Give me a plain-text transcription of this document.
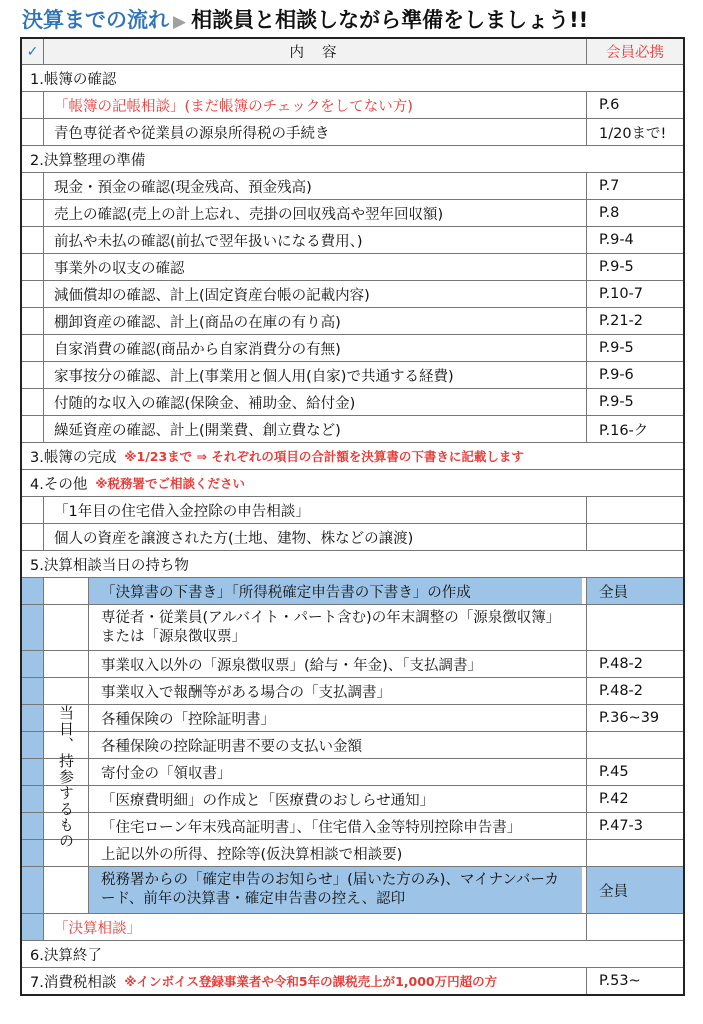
決算までの流れ ▶ 相談員と相談しながら準備をしましょう!!
✓	内容	会員必携
1.帳簿の確認
「帳簿の記帳相談」(まだ帳簿のチェックをしてない方)	P.6
青色専従者や従業員の源泉所得税の手続き	1/20まで!
2.決算整理の準備
現金・預金の確認(現金残高、預金残高)	P.7
売上の確認(売上の計上忘れ、売掛の回収残高や翌年回収額)	P.8
前払や未払の確認(前払で翌年扱いになる費用、)	P.9-4
事業外の収支の確認	P.9-5
減価償却の確認、計上(固定資産台帳の記載内容)	P.10-7
棚卸資産の確認、計上(商品の在庫の有り高)	P.21-2
自家消費の確認(商品から自家消費分の有無)	P.9-5
家事按分の確認、計上(事業用と個人用(自家)で共通する経費)	P.9-6
付随的な収入の確認(保険金、補助金、給付金)	P.9-5
繰延資産の確認、計上(開業費、創立費など)	P.16-ク
3.帳簿の完成 ※1/23まで ⇒ それぞれの項目の合計額を決算書の下書きに記載します
4.その他 ※税務署でご相談ください
「1年目の住宅借入金控除の申告相談」
個人の資産を譲渡された方(土地、建物、株などの譲渡)
5.決算相談当日の持ち物
「決算書の下書き」「所得税確定申告書の下書き」の作成	全員
専従者・従業員(アルバイト・パート含む)の年末調整の「源泉徴収簿」または「源泉徴収票」
事業収入以外の「源泉徴収票」(給与・年金)、「支払調書」	P.48-2
事業収入で報酬等がある場合の「支払調書」	P.48-2
各種保険の「控除証明書」	P.36~39
各種保険の控除証明書不要の支払い金額
寄付金の「領収書」	P.45
「医療費明細」の作成と「医療費のおしらせ通知」	P.42
「住宅ローン年末残高証明書」、「住宅借入金等特別控除申告書」	P.47-3
上記以外の所得、控除等(仮決算相談で相談要)
税務署からの「確定申告のお知らせ」(届いた方のみ)、マイナンバーカード、前年の決算書・確定申告書の控え、認印	全員
「決算相談」
6.決算終了
7.消費税相談 ※インボイス登録事業者や令和5年の課税売上が1,000万円超の方	P.53~
当日、持参するもの
